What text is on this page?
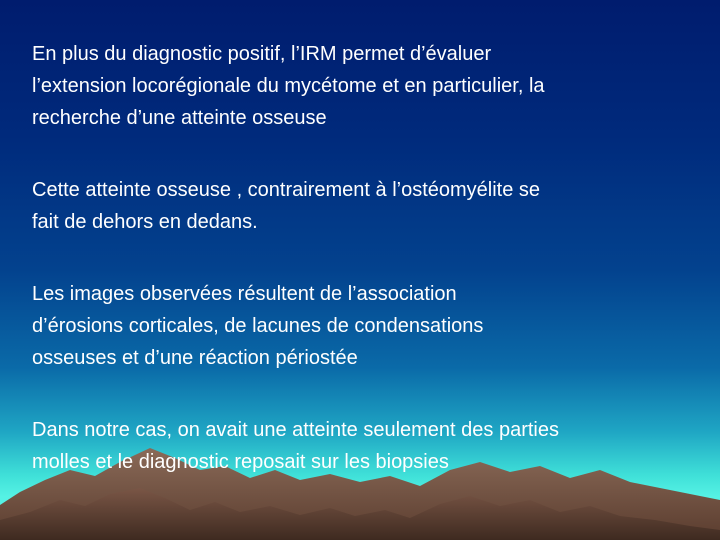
En plus du diagnostic positif, l’IRM permet d’évaluer
l’extension locorégionale du mycétome et en particulier, la
recherche d’une atteinte osseuse

Cette atteinte osseuse , contrairement à l’ostéomyélite se
fait de dehors en dedans.

Les images observées résultent de l’association
d’érosions corticales, de lacunes de condensations
osseuses et d’une réaction périostée

Dans notre cas, on avait une atteinte seulement des parties
molles et le diagnostic reposait sur les biopsies
